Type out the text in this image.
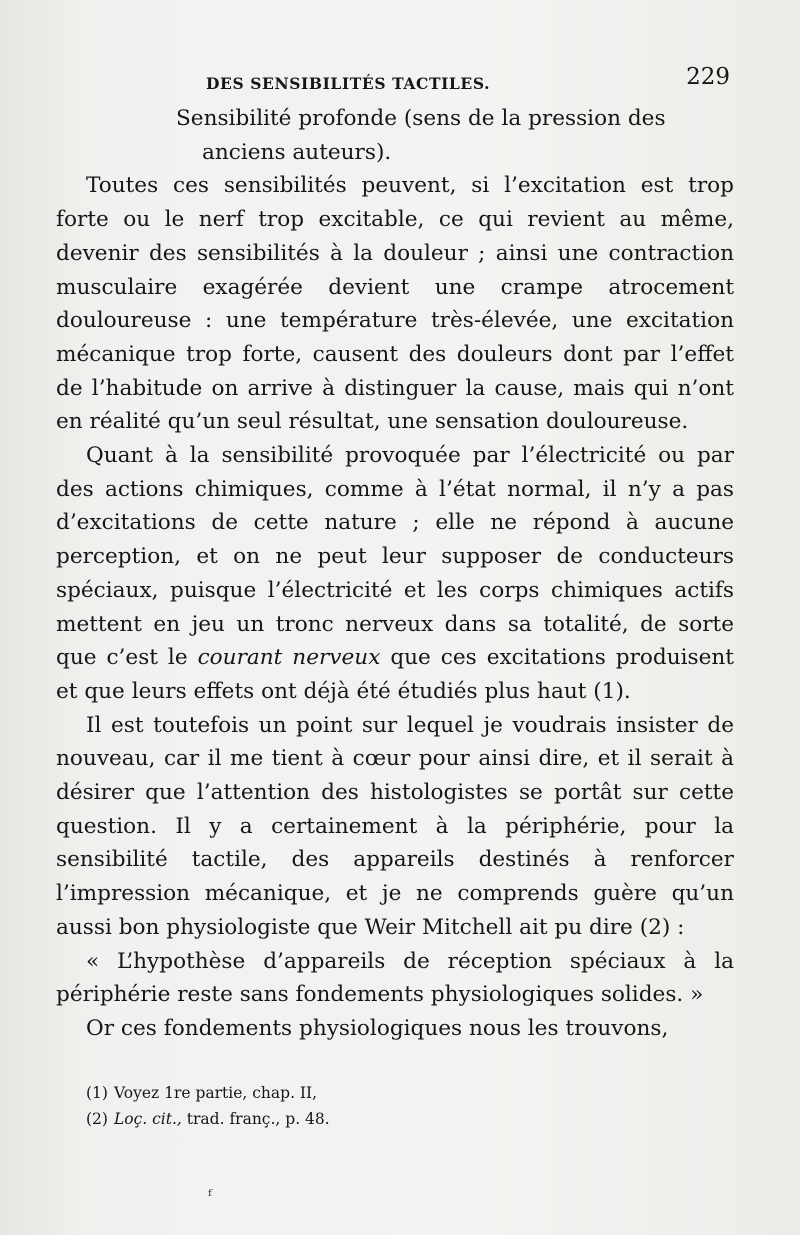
DES SENSIBILITÉS TACTILES.	229

Sensibilité profonde (sens de la pression des
anciens auteurs).

Toutes ces sensibilités peuvent, si l’excitation est trop forte ou le nerf trop excitable, ce qui revient au même, devenir des sensibilités à la douleur ; ainsi une contraction musculaire exagérée devient une crampe atrocement douloureuse : une température très-élevée, une excitation mécanique trop forte, causent des douleurs dont par l’effet de l’habitude on arrive à distinguer la cause, mais qui n’ont en réalité qu’un seul résultat, une sensation douloureuse.

Quant à la sensibilité provoquée par l’électricité ou par des actions chimiques, comme à l’état normal, il n’y a pas d’excitations de cette nature ; elle ne répond à aucune perception, et on ne peut leur supposer de conducteurs spéciaux, puisque l’électricité et les corps chimiques actifs mettent en jeu un tronc nerveux dans sa totalité, de sorte que c’est le courant nerveux que ces excitations produisent et que leurs effets ont déjà été étudiés plus haut (1).

Il est toutefois un point sur lequel je voudrais insister de nouveau, car il me tient à cœur pour ainsi dire, et il serait à désirer que l’attention des histologistes se portât sur cette question. Il y a certainement à la périphérie, pour la sensibilité tactile, des appareils destinés à renforcer l’impression mécanique, et je ne comprends guère qu’un aussi bon physiologiste que Weir Mitchell ait pu dire (2) :

« L’hypothèse d’appareils de réception spéciaux à la périphérie reste sans fondements physiologiques solides. »

Or ces fondements physiologiques nous les trouvons,

(1) Voyez 1re partie, chap. II,
(2) Loç. cit., trad. franç., p. 48.
ᶠ
